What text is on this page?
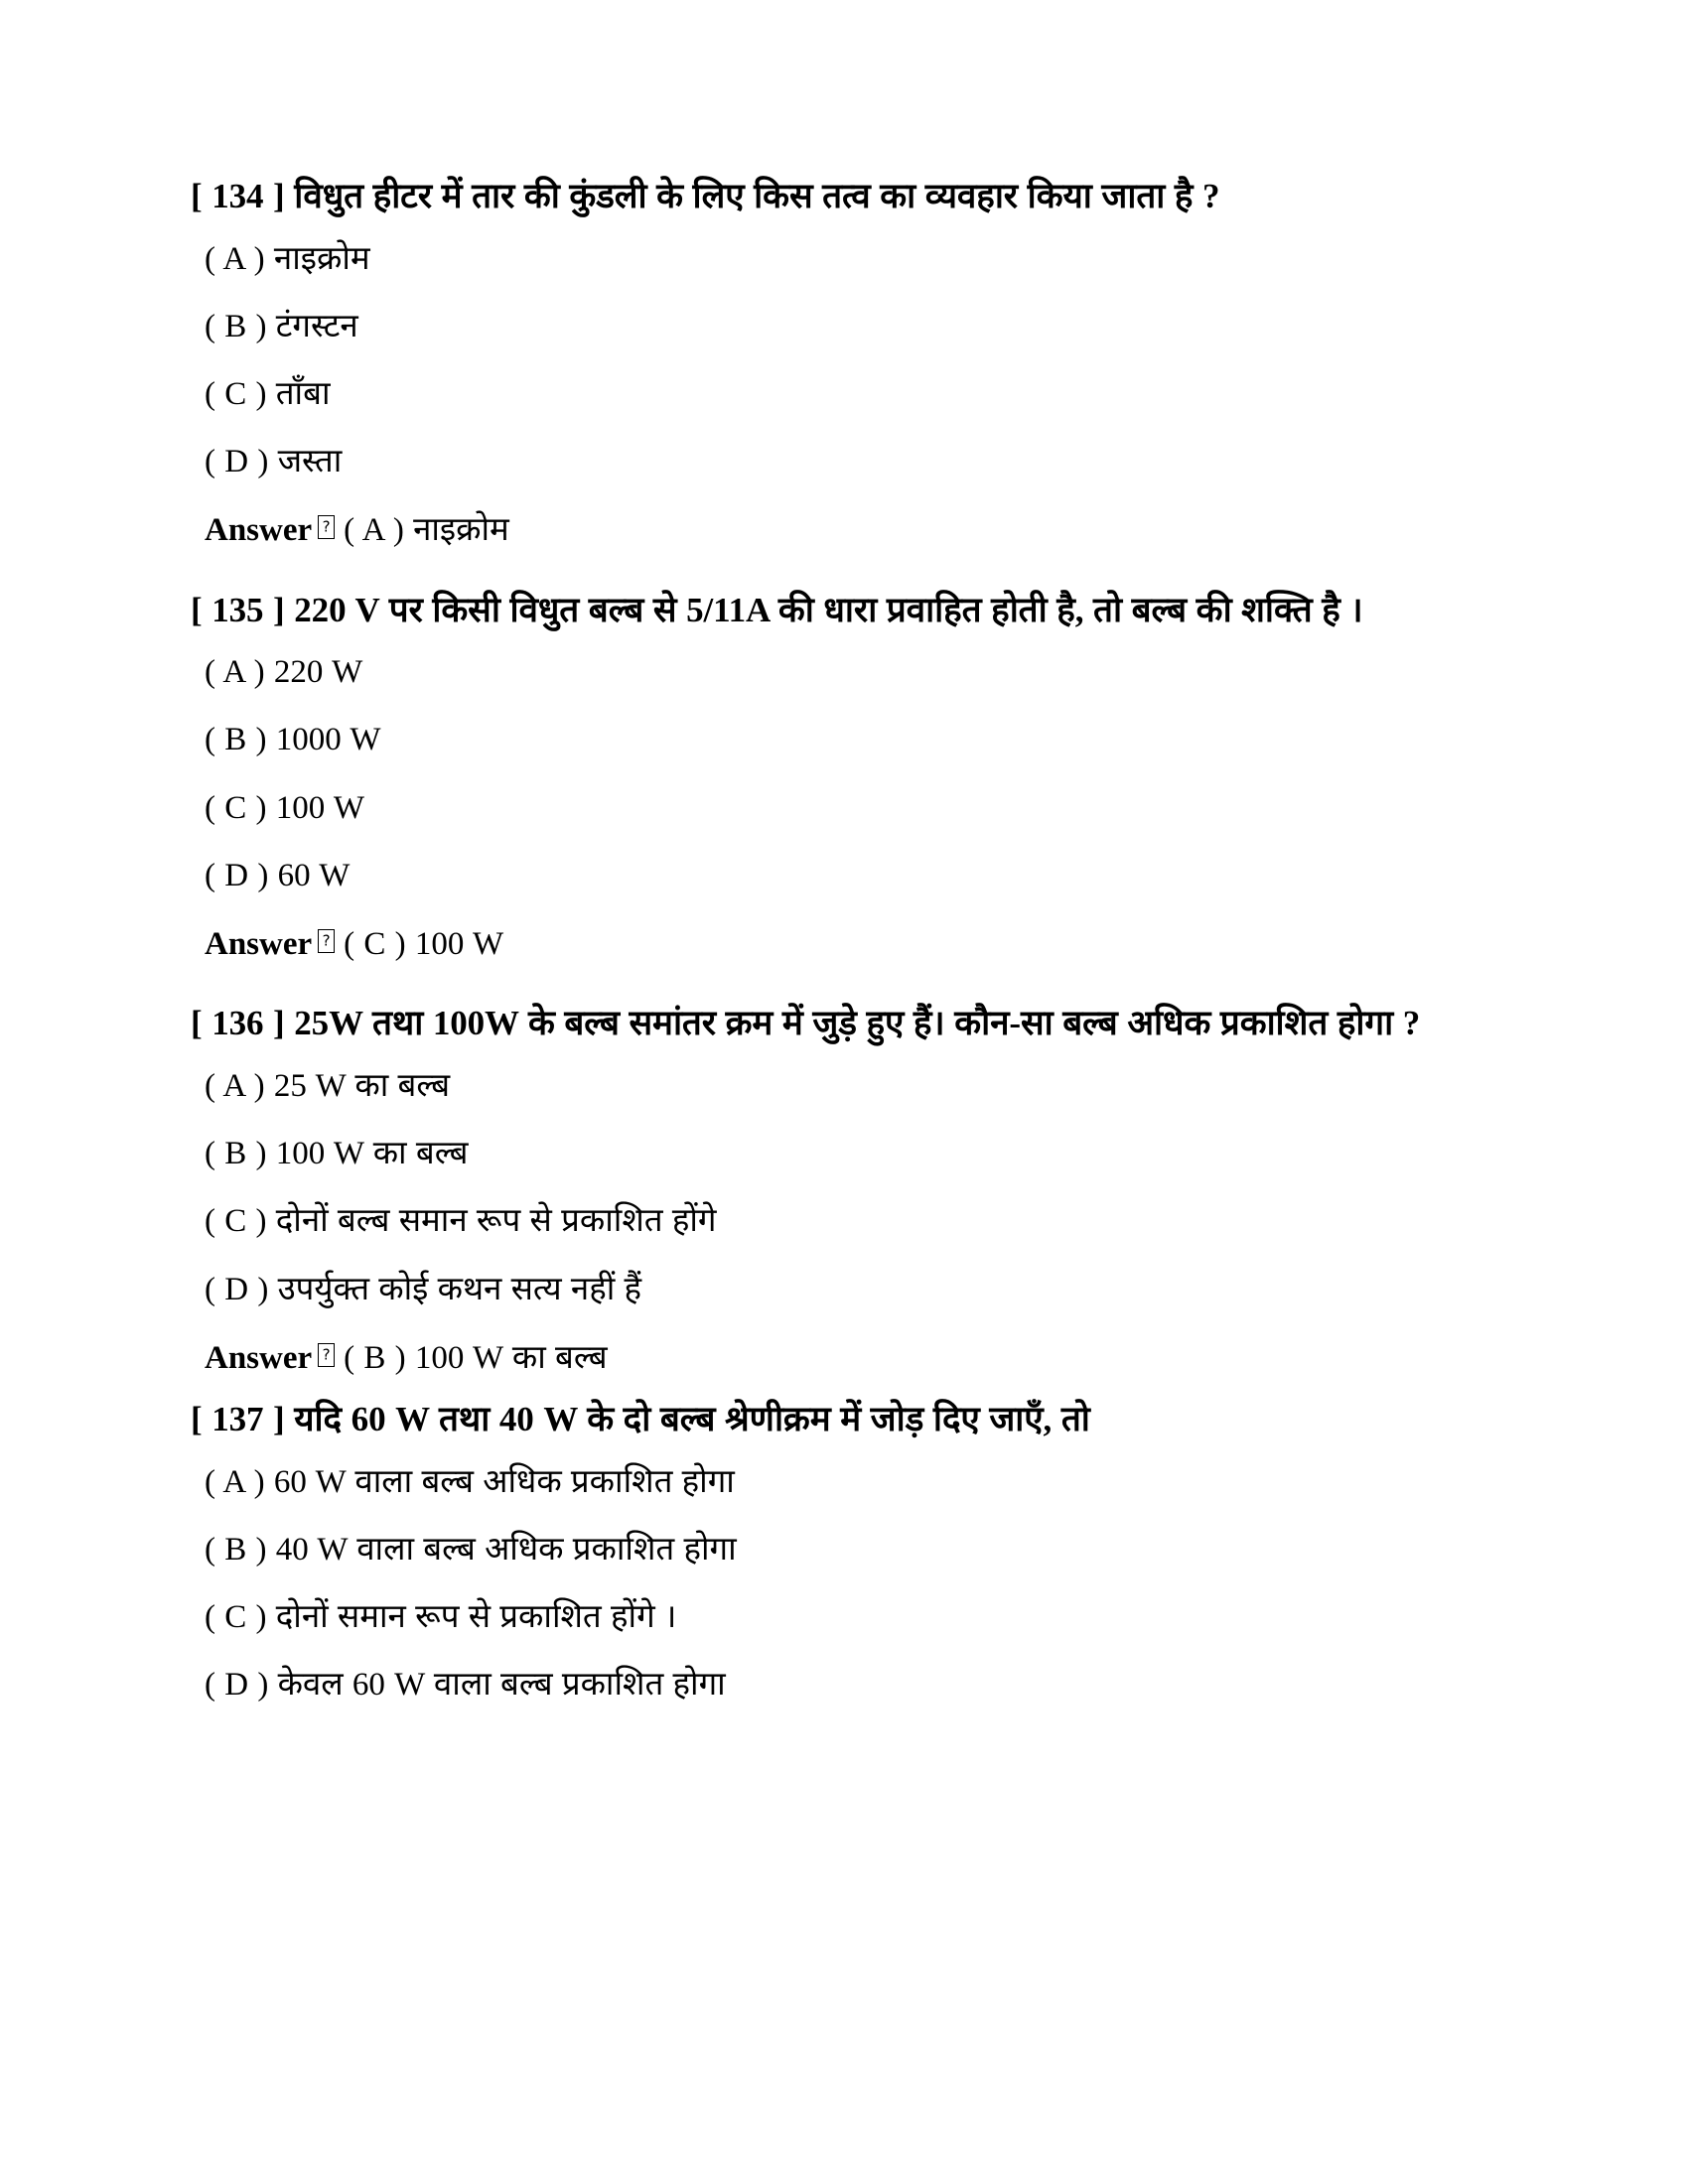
[ 134 ] विधुत हीटर में तार की कुंडली के लिए किस तत्व का व्यवहार किया जाता है ?
( A ) नाइक्रोम
( B ) टंगस्टन
( C ) ताँबा
( D ) जस्ता
Answer ? ( A ) नाइक्रोम
[ 135 ] 220 V पर किसी विधुत बल्ब से 5/11A की धारा प्रवाहित होती है, तो बल्ब की शक्ति है ।
( A ) 220 W
( B ) 1000 W
( C ) 100 W
( D ) 60 W
Answer ? ( C ) 100 W
[ 136 ] 25W तथा 100W के बल्ब समांतर क्रम में जुड़े हुए हैं। कौन-सा बल्ब अधिक प्रकाशित होगा ?
( A ) 25 W का बल्ब
( B ) 100 W का बल्ब
( C ) दोनों बल्ब समान रूप से प्रकाशित होंगे
( D ) उपर्युक्त कोई कथन सत्य नहीं हैं
Answer ? ( B ) 100 W का बल्ब
[ 137 ] यदि 60 W तथा 40 W के दो बल्ब श्रेणीक्रम में जोड़ दिए जाएँ, तो
( A ) 60 W वाला बल्ब अधिक प्रकाशित होगा
( B ) 40 W वाला बल्ब अधिक प्रकाशित होगा
( C ) दोनों समान रूप से प्रकाशित होंगे ।
( D ) केवल 60 W वाला बल्ब प्रकाशित होगा
